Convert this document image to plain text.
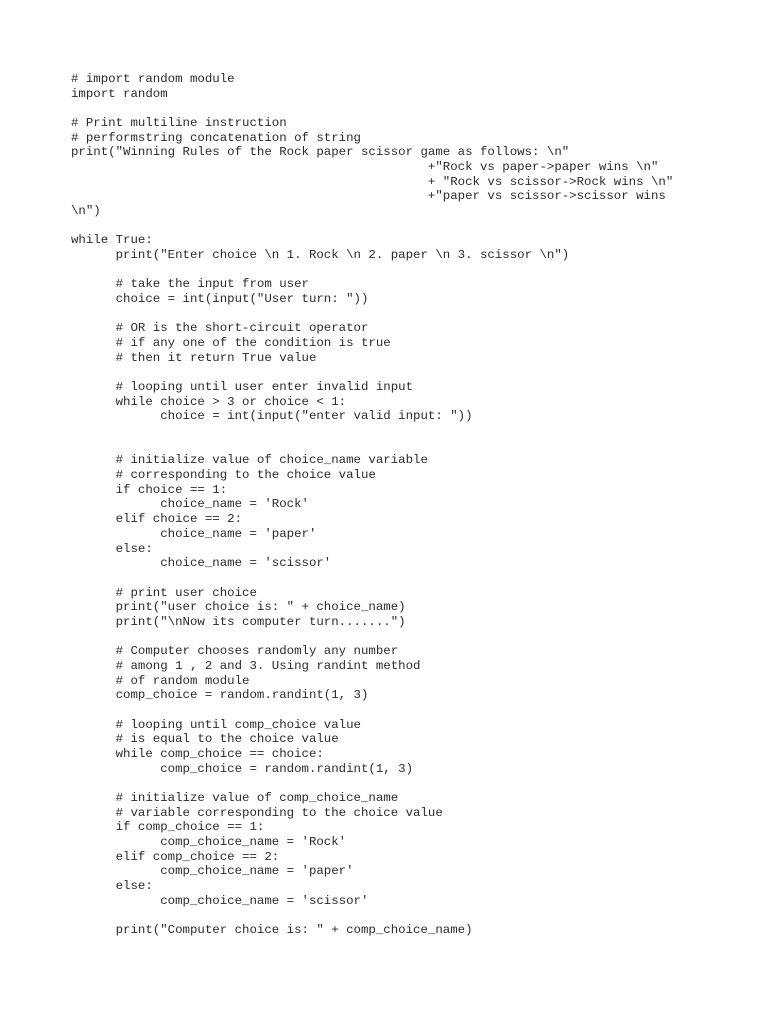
# import random module
import random
# Print multiline instruction
# performstring concatenation of string
print("Winning Rules of the Rock paper scissor game as follows: \n"
+"Rock vs paper->paper wins \n"
+ "Rock vs scissor->Rock wins \n"
+"paper vs scissor->scissor wins
\n")
while True:
print("Enter choice \n 1. Rock \n 2. paper \n 3. scissor \n")
# take the input from user
choice = int(input("User turn: "))
# OR is the short-circuit operator
# if any one of the condition is true
# then it return True value
# looping until user enter invalid input
while choice > 3 or choice < 1:
choice = int(input("enter valid input: "))
# initialize value of choice_name variable
# corresponding to the choice value
if choice == 1:
choice_name = 'Rock'
elif choice == 2:
choice_name = 'paper'
else:
choice_name = 'scissor'
# print user choice
print("user choice is: " + choice_name)
print("\nNow its computer turn.......")
# Computer chooses randomly any number
# among 1 , 2 and 3. Using randint method
# of random module
comp_choice = random.randint(1, 3)
# looping until comp_choice value
# is equal to the choice value
while comp_choice == choice:
comp_choice = random.randint(1, 3)
# initialize value of comp_choice_name
# variable corresponding to the choice value
if comp_choice == 1:
comp_choice_name = 'Rock'
elif comp_choice == 2:
comp_choice_name = 'paper'
else:
comp_choice_name = 'scissor'
print("Computer choice is: " + comp_choice_name)
